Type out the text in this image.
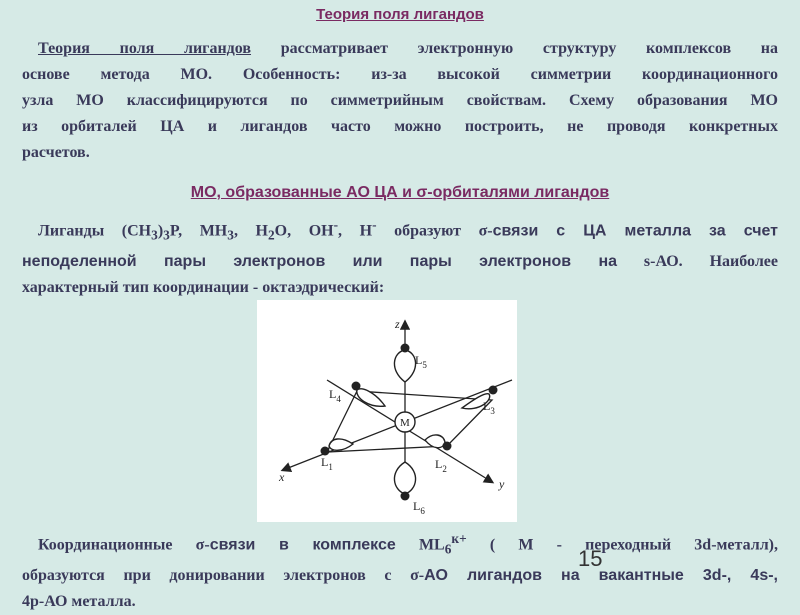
Теория поля лигандов
Теория поля лигандов рассматривает электронную структуру комплексов на
основе метода МО. Особенность: из-за высокой симметрии координационного
узла МО классифицируются по симметрийным свойствам. Схему образования МО
из орбиталей ЦА и лигандов часто можно построить, не проводя конкретных
расчетов.
МО, образованные АО ЦА и σ-орбиталями лигандов
Лиганды $(CH_3)_3P$, $MH_3$, $H_2O$, OH-, H- образуют σ-связи с ЦА металла за счет
неподеленной пары электронов или пары электронов на s-АО. Наиболее
характерный тип координации - октаэдрический:
z
x	y
M
$L_5$
$L_4$	$L_3$
$L_1$	$L_2$
$L_6$
Координационные σ-связи в комплексе $ML_6^{к+}$ ( M - переходный 3d-металл),
образуются при донировании электронов с σ-АО лигандов на вакантные 3d-, 4s-,
4p-АО металла.
15
